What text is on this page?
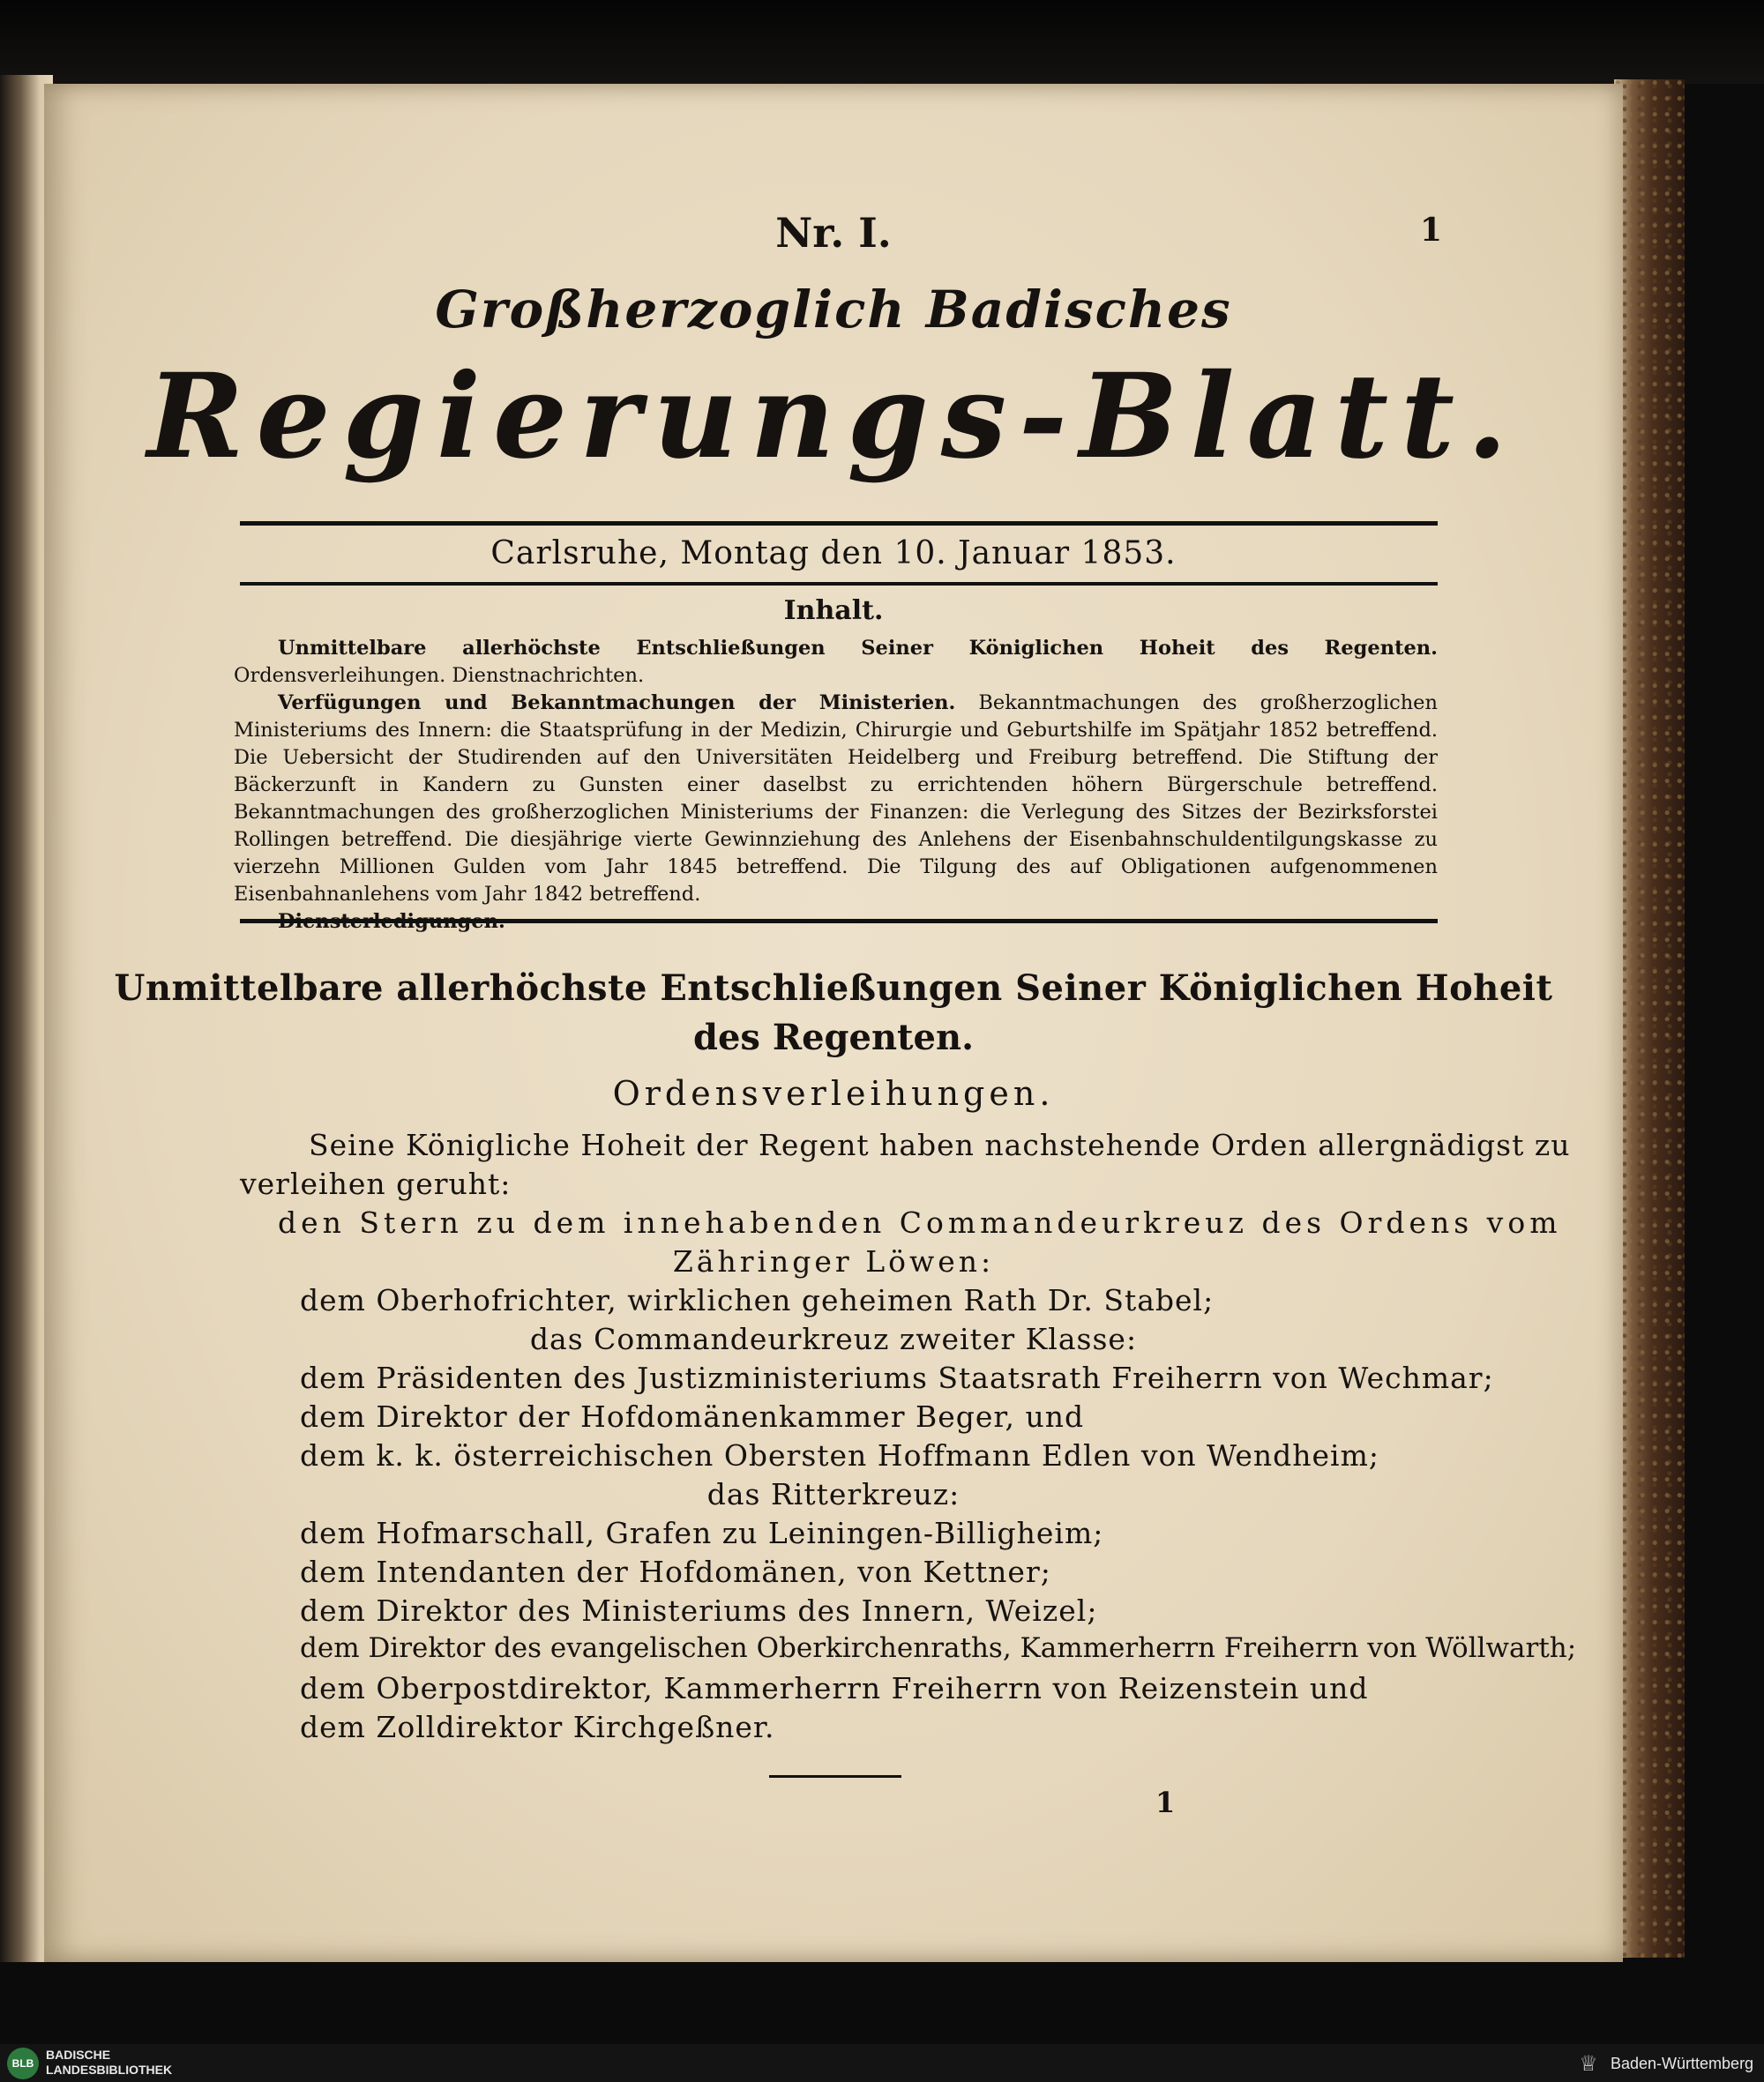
Nr. I.	1
Großherzoglich Badisches
Regierungs-Blatt.
Carlsruhe, Montag den 10. Januar 1853.
Inhalt.

Unmittelbare allerhöchste Entschließungen Seiner Königlichen Hoheit des Regenten. Ordensverleihungen. Dienstnachrichten.

Verfügungen und Bekanntmachungen der Ministerien. Bekanntmachungen des großherzoglichen Ministeriums des Innern: die Staatsprüfung in der Medizin, Chirurgie und Geburtshilfe im Spätjahr 1852 betreffend. Die Uebersicht der Studirenden auf den Universitäten Heidelberg und Freiburg betreffend. Die Stiftung der Bäckerzunft in Kandern zu Gunsten einer daselbst zu errichtenden höhern Bürgerschule betreffend. Bekanntmachungen des großherzoglichen Ministeriums der Finanzen: die Verlegung des Sitzes der Bezirksforstei Rollingen betreffend. Die diesjährige vierte Gewinnziehung des Anlehens der Eisenbahnschuldentilgungskasse zu vierzehn Millionen Gulden vom Jahr 1845 betreffend. Die Tilgung des auf Obligationen aufgenommenen Eisenbahnanlehens vom Jahr 1842 betreffend.

Unmittelbare allerhöchste Entschließungen Seiner Königlichen Hoheit
des Regenten.
Ordensverleihungen.
Seine Königliche Hoheit der Regent haben nachstehende Orden allergnädigst zu
verleihen geruht:
den Stern zu dem innehabenden Commandeurkreuz des Ordens vom
Zähringer Löwen:
dem Oberhofrichter, wirklichen geheimen Rath Dr. Stabel;
das Commandeurkreuz zweiter Klasse:
dem Präsidenten des Justizministeriums Staatsrath Freiherrn von Wechmar;
dem Direktor der Hofdomänenkammer Beger, und
dem k. k. österreichischen Obersten Hoffmann Edlen von Wendheim;
das Ritterkreuz:
dem Hofmarschall, Grafen zu Leiningen-Billigheim;
dem Intendanten der Hofdomänen, von Kettner;
dem Direktor des Ministeriums des Innern, Weizel;
dem Direktor des evangelischen Oberkirchenraths, Kammerherrn Freiherrn von Wöllwarth;
dem Oberpostdirektor, Kammerherrn Freiherrn von Reizenstein und
dem Zolldirektor Kirchgeßner.
1
BLB
BADISCHE
LANDESBIBLIOTHEK	♕ Baden-Württemberg
